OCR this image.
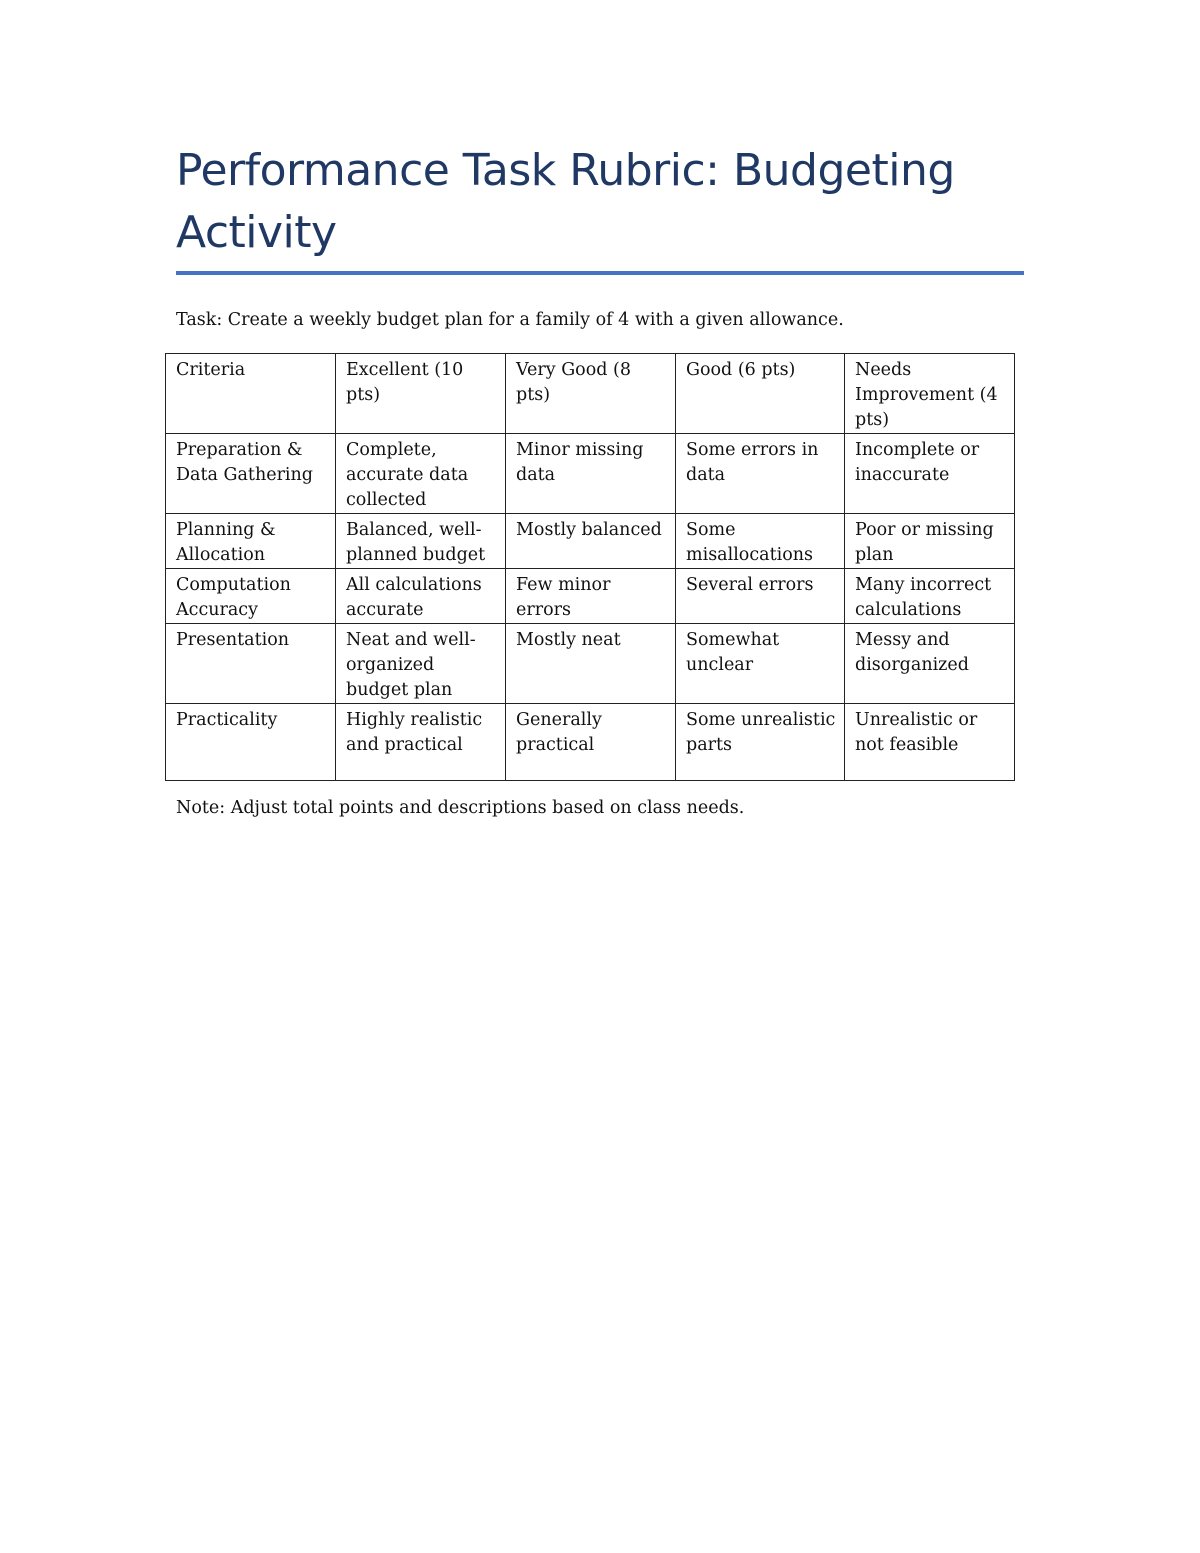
Performance Task Rubric: Budgeting Activity
Task: Create a weekly budget plan for a family of 4 with a given allowance.
Criteria	Excellent (10 pts)	Very Good (8 pts)	Good (6 pts)	Needs Improvement (4 pts)
Preparation & Data Gathering	Complete, accurate data collected	Minor missing data	Some errors in data	Incomplete or inaccurate
Planning & Allocation	Balanced, well-planned budget	Mostly balanced	Some misallocations	Poor or missing plan
Computation Accuracy	All calculations accurate	Few minor errors	Several errors	Many incorrect calculations
Presentation	Neat and well-organized budget plan	Mostly neat	Somewhat unclear	Messy and disorganized
Practicality	Highly realistic and practical	Generally practical	Some unrealistic parts	Unrealistic or not feasible
Note: Adjust total points and descriptions based on class needs.
